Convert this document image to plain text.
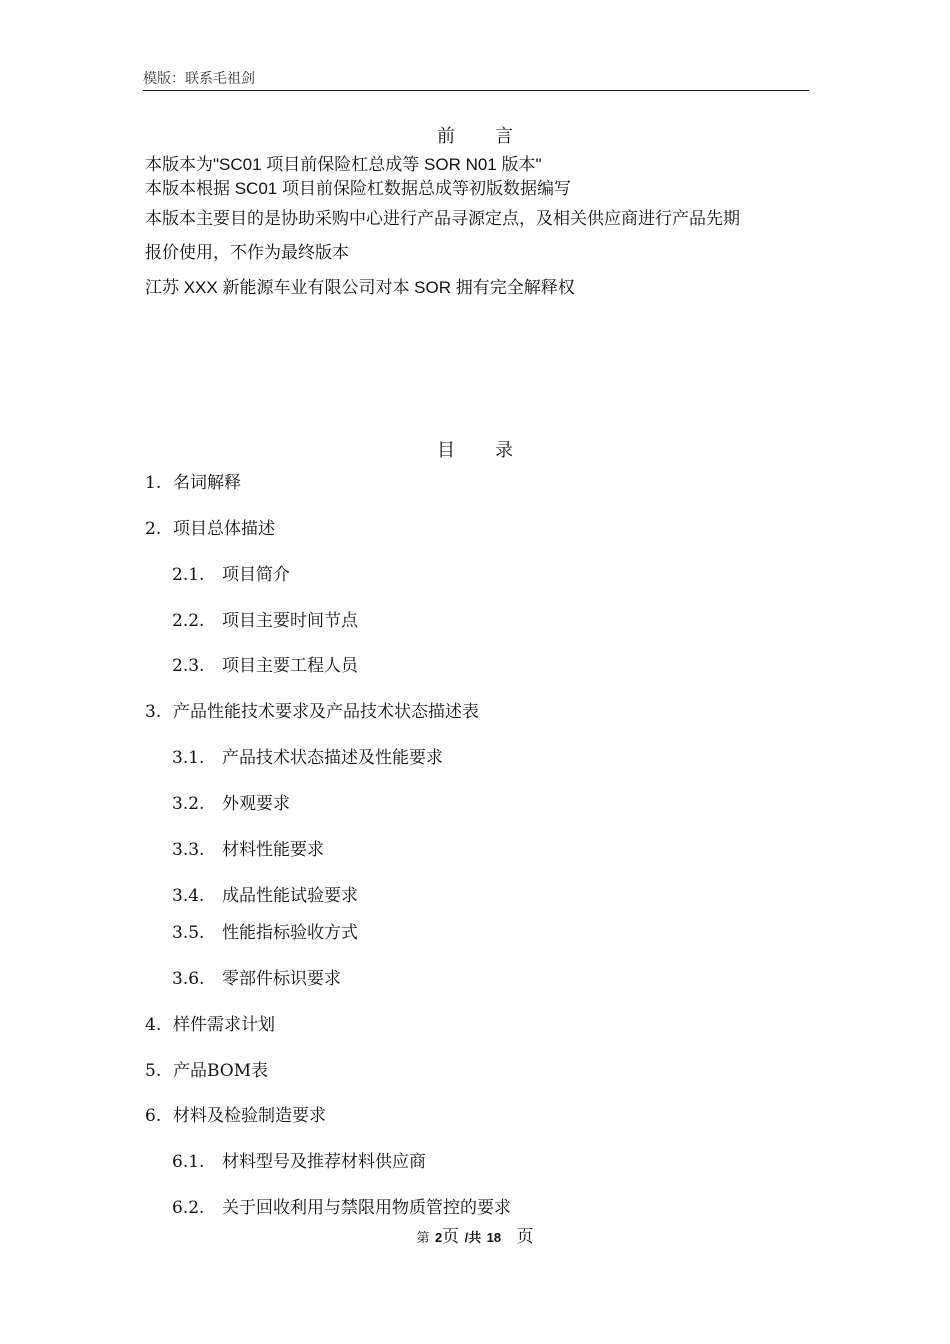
模版：联系毛祖剑
前言
本版本为"SC01 项目前保险杠总成等 SOR N01 版本"
本版本根据 SC01 项目前保险杠数据总成等初版数据编写
本版本主要目的是协助采购中心进行产品寻源定点，及相关供应商进行产品先期
报价使用，不作为最终版本
江苏 XXX 新能源车业有限公司对本 SOR 拥有完全解释权
目录
1. 名词解释
2. 项目总体描述
2.1. 项目简介
2.2. 项目主要时间节点
2.3. 项目主要工程人员
3. 产品性能技术要求及产品技术状态描述表
3.1. 产品技术状态描述及性能要求
3.2. 外观要求
3.3. 材料性能要求
3.4. 成品性能试验要求
3.5. 性能指标验收方式
3.6. 零部件标识要求
4. 样件需求计划
5. 产品BOM表
6. 材料及检验制造要求
6.1. 材料型号及推荐材料供应商
6.2. 关于回收利用与禁限用物质管控的要求
第 2页 /共 18 页
